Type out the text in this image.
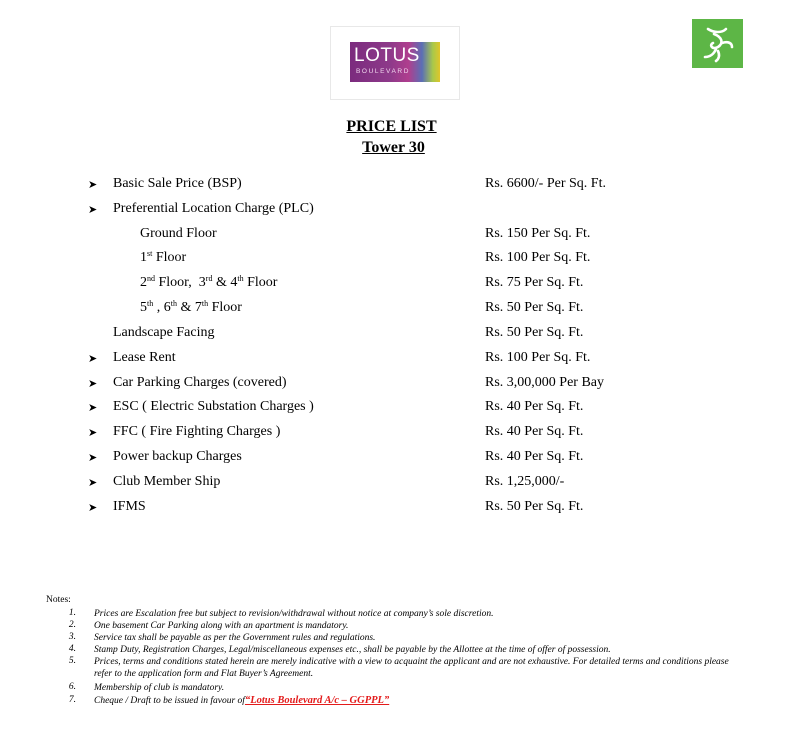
LOTUS
BOULEVARD
PRICE LIST
Tower 30
➤ Basic Sale Price (BSP)	Rs. 6600/- Per Sq. Ft.
➤ Preferential Location Charge (PLC)
Ground Floor	Rs. 150 Per Sq. Ft.
1st Floor	Rs. 100 Per Sq. Ft.
2nd Floor,  3rd & 4th Floor	Rs. 75 Per Sq. Ft.
5th , 6th & 7th Floor	Rs. 50 Per Sq. Ft.
Landscape Facing	Rs. 50 Per Sq. Ft.
➤ Lease Rent	Rs. 100 Per Sq. Ft.
➤ Car Parking Charges (covered)	Rs. 3,00,000 Per Bay
➤ ESC ( Electric Substation Charges )	Rs. 40 Per Sq. Ft.
➤ FFC ( Fire Fighting Charges )	Rs. 40 Per Sq. Ft.
➤ Power backup Charges	Rs. 40 Per Sq. Ft.
➤ Club Member Ship	Rs. 1,25,000/-
➤ IFMS	Rs. 50 Per Sq. Ft.
Notes:
1. Prices are Escalation free but subject to revision/withdrawal without notice at company’s sole discretion.
2. One basement Car Parking along with an apartment is mandatory.
3. Service tax shall be payable as per the Government rules and regulations.
4. Stamp Duty, Registration Charges, Legal/miscellaneous expenses etc., shall be payable by the Allottee at the time of offer of possession.
5. Prices, terms and conditions stated herein are merely indicative with a view to acquaint the applicant and are not exhaustive. For detailed terms and conditions please refer to the application form and Flat Buyer’s Agreement.
6. Membership of club is mandatory.
7. Cheque / Draft to be issued in favour of“Lotus Boulevard A/c – GGPPL”
